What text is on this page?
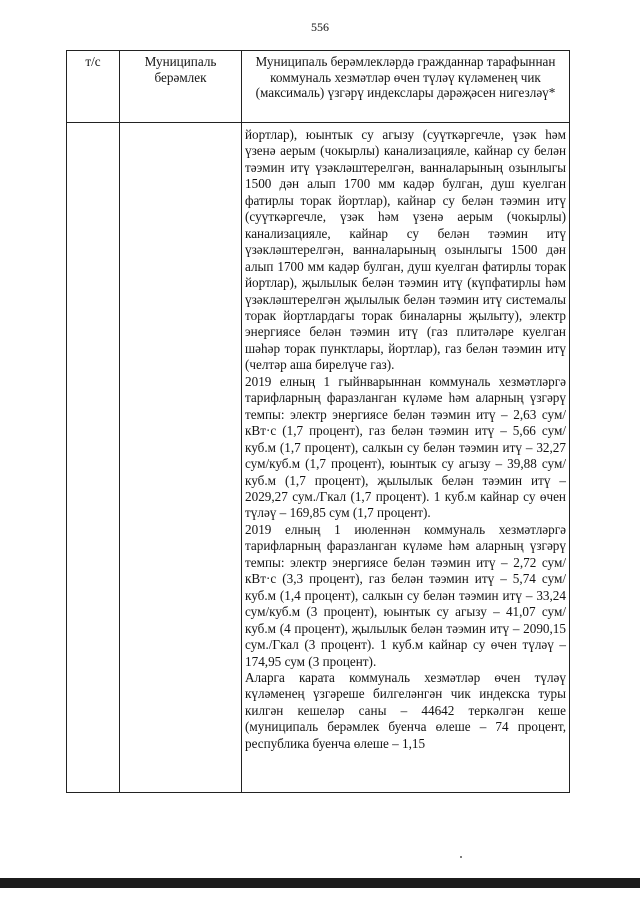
556
т/с	Муниципаль берәмлек	Муниципаль берәмлекләрдә гражданнар тарафыннан коммуналь хезмәтләр өчен түләү күләменең чик (максималь) үзгәрү индекслары дәрәҗәсен нигезләү*

		йортлар), юынтык су агызу (суүткәргечле, үзәк һәм үзенә аерым (чокырлы) канализацияле, кайнар су белән тәэмин итү үзәкләштерелгән, ванналарының озынлыгы 1500 дән алып 1700 мм кадәр булган, душ куелган фатирлы торак йортлар), кайнар су белән тәэмин итү (суүткәргечле, үзәк һәм үзенә аерым (чокырлы) канализацияле, кайнар су белән тәэмин итү үзәкләштерелгән, ванналарының озынлыгы 1500 дән алып 1700 мм кадәр булган, душ куелган фатирлы торак йортлар), җылылык белән тәэмин итү (күпфатирлы һәм үзәкләштерелгән җылылык белән тәэмин итү системалы торак йортлардагы торак биналарны җылыту), электр энергиясе белән тәэмин итү (газ плитәләре куелган шәһәр торак пунктлары, йортлар), газ белән тәэмин итү (челтәр аша бирелүче газ).
2019 елның 1 гыйнварыннан коммуналь хезмәтләргә тарифларның фаразланган күләме һәм аларның үзгәрү темпы: электр энергиясе белән тәэмин итү – 2,63 сум/кВт·с (1,7 процент), газ белән тәэмин итү – 5,66 сум/куб.м (1,7 процент), салкын су белән тәэмин итү – 32,27 сум/куб.м (1,7 процент), юынтык су агызу – 39,88 сум/куб.м (1,7 процент), җылылык белән тәэмин итү – 2029,27 сум./Гкал (1,7 процент). 1 куб.м кайнар су өчен түләү – 169,85 сум (1,7 процент).
2019 елның 1 июленнән коммуналь хезмәтләргә тарифларның фаразланган күләме һәм аларның үзгәрү темпы: электр энергиясе белән тәэмин итү – 2,72 сум/кВт·с (3,3 процент), газ белән тәэмин итү – 5,74 сум/куб.м (1,4 процент), салкын су белән тәэмин итү – 33,24 сум/куб.м (3 процент), юынтык су агызу – 41,07 сум/куб.м (4 процент), җылылык белән тәэмин итү – 2090,15 сум./Гкал (3 процент). 1 куб.м кайнар су өчен түләү – 174,95 сум (3 процент).
Аларга карата коммуналь хезмәтләр өчен түләү күләменең үзгәреше билгеләнгән чик индекска туры килгән кешеләр саны – 44642 теркәлгән кеше (муниципаль берәмлек буенча өлеше – 74 процент, республика буенча өлеше – 1,15
